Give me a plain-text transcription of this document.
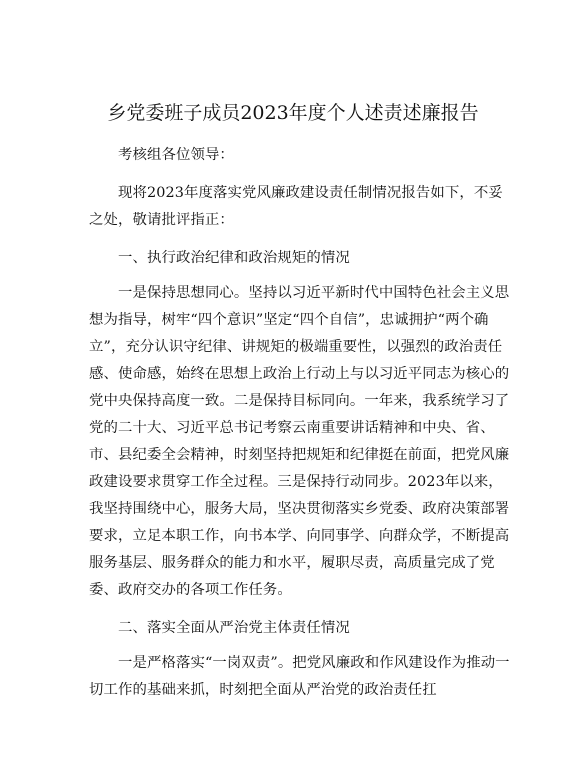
乡党委班子成员2023年度个人述责述廉报告

考核组各位领导：

现将2023年度落实党风廉政建设责任制情况报告如下，不妥之处，敬请批评指正：

一、执行政治纪律和政治规矩的情况

一是保持思想同心。坚持以习近平新时代中国特色社会主义思想为指导，树牢“四个意识”坚定“四个自信”，忠诚拥护“两个确立”，充分认识守纪律、讲规矩的极端重要性，以强烈的政治责任感、使命感，始终在思想上政治上行动上与以习近平同志为核心的党中央保持高度一致。二是保持目标同向。一年来，我系统学习了党的二十大、习近平总书记考察云南重要讲话精神和中央、省、市、县纪委全会精神，时刻坚持把规矩和纪律挺在前面，把党风廉政建设要求贯穿工作全过程。三是保持行动同步。2023年以来，我坚持围绕中心，服务大局，坚决贯彻落实乡党委、政府决策部署要求，立足本职工作，向书本学、向同事学、向群众学，不断提高服务基层、服务群众的能力和水平，履职尽责，高质量完成了党委、政府交办的各项工作任务。

二、落实全面从严治党主体责任情况

一是严格落实“一岗双责”。把党风廉政和作风建设作为推动一切工作的基础来抓，时刻把全面从严治党的政治责任扛
